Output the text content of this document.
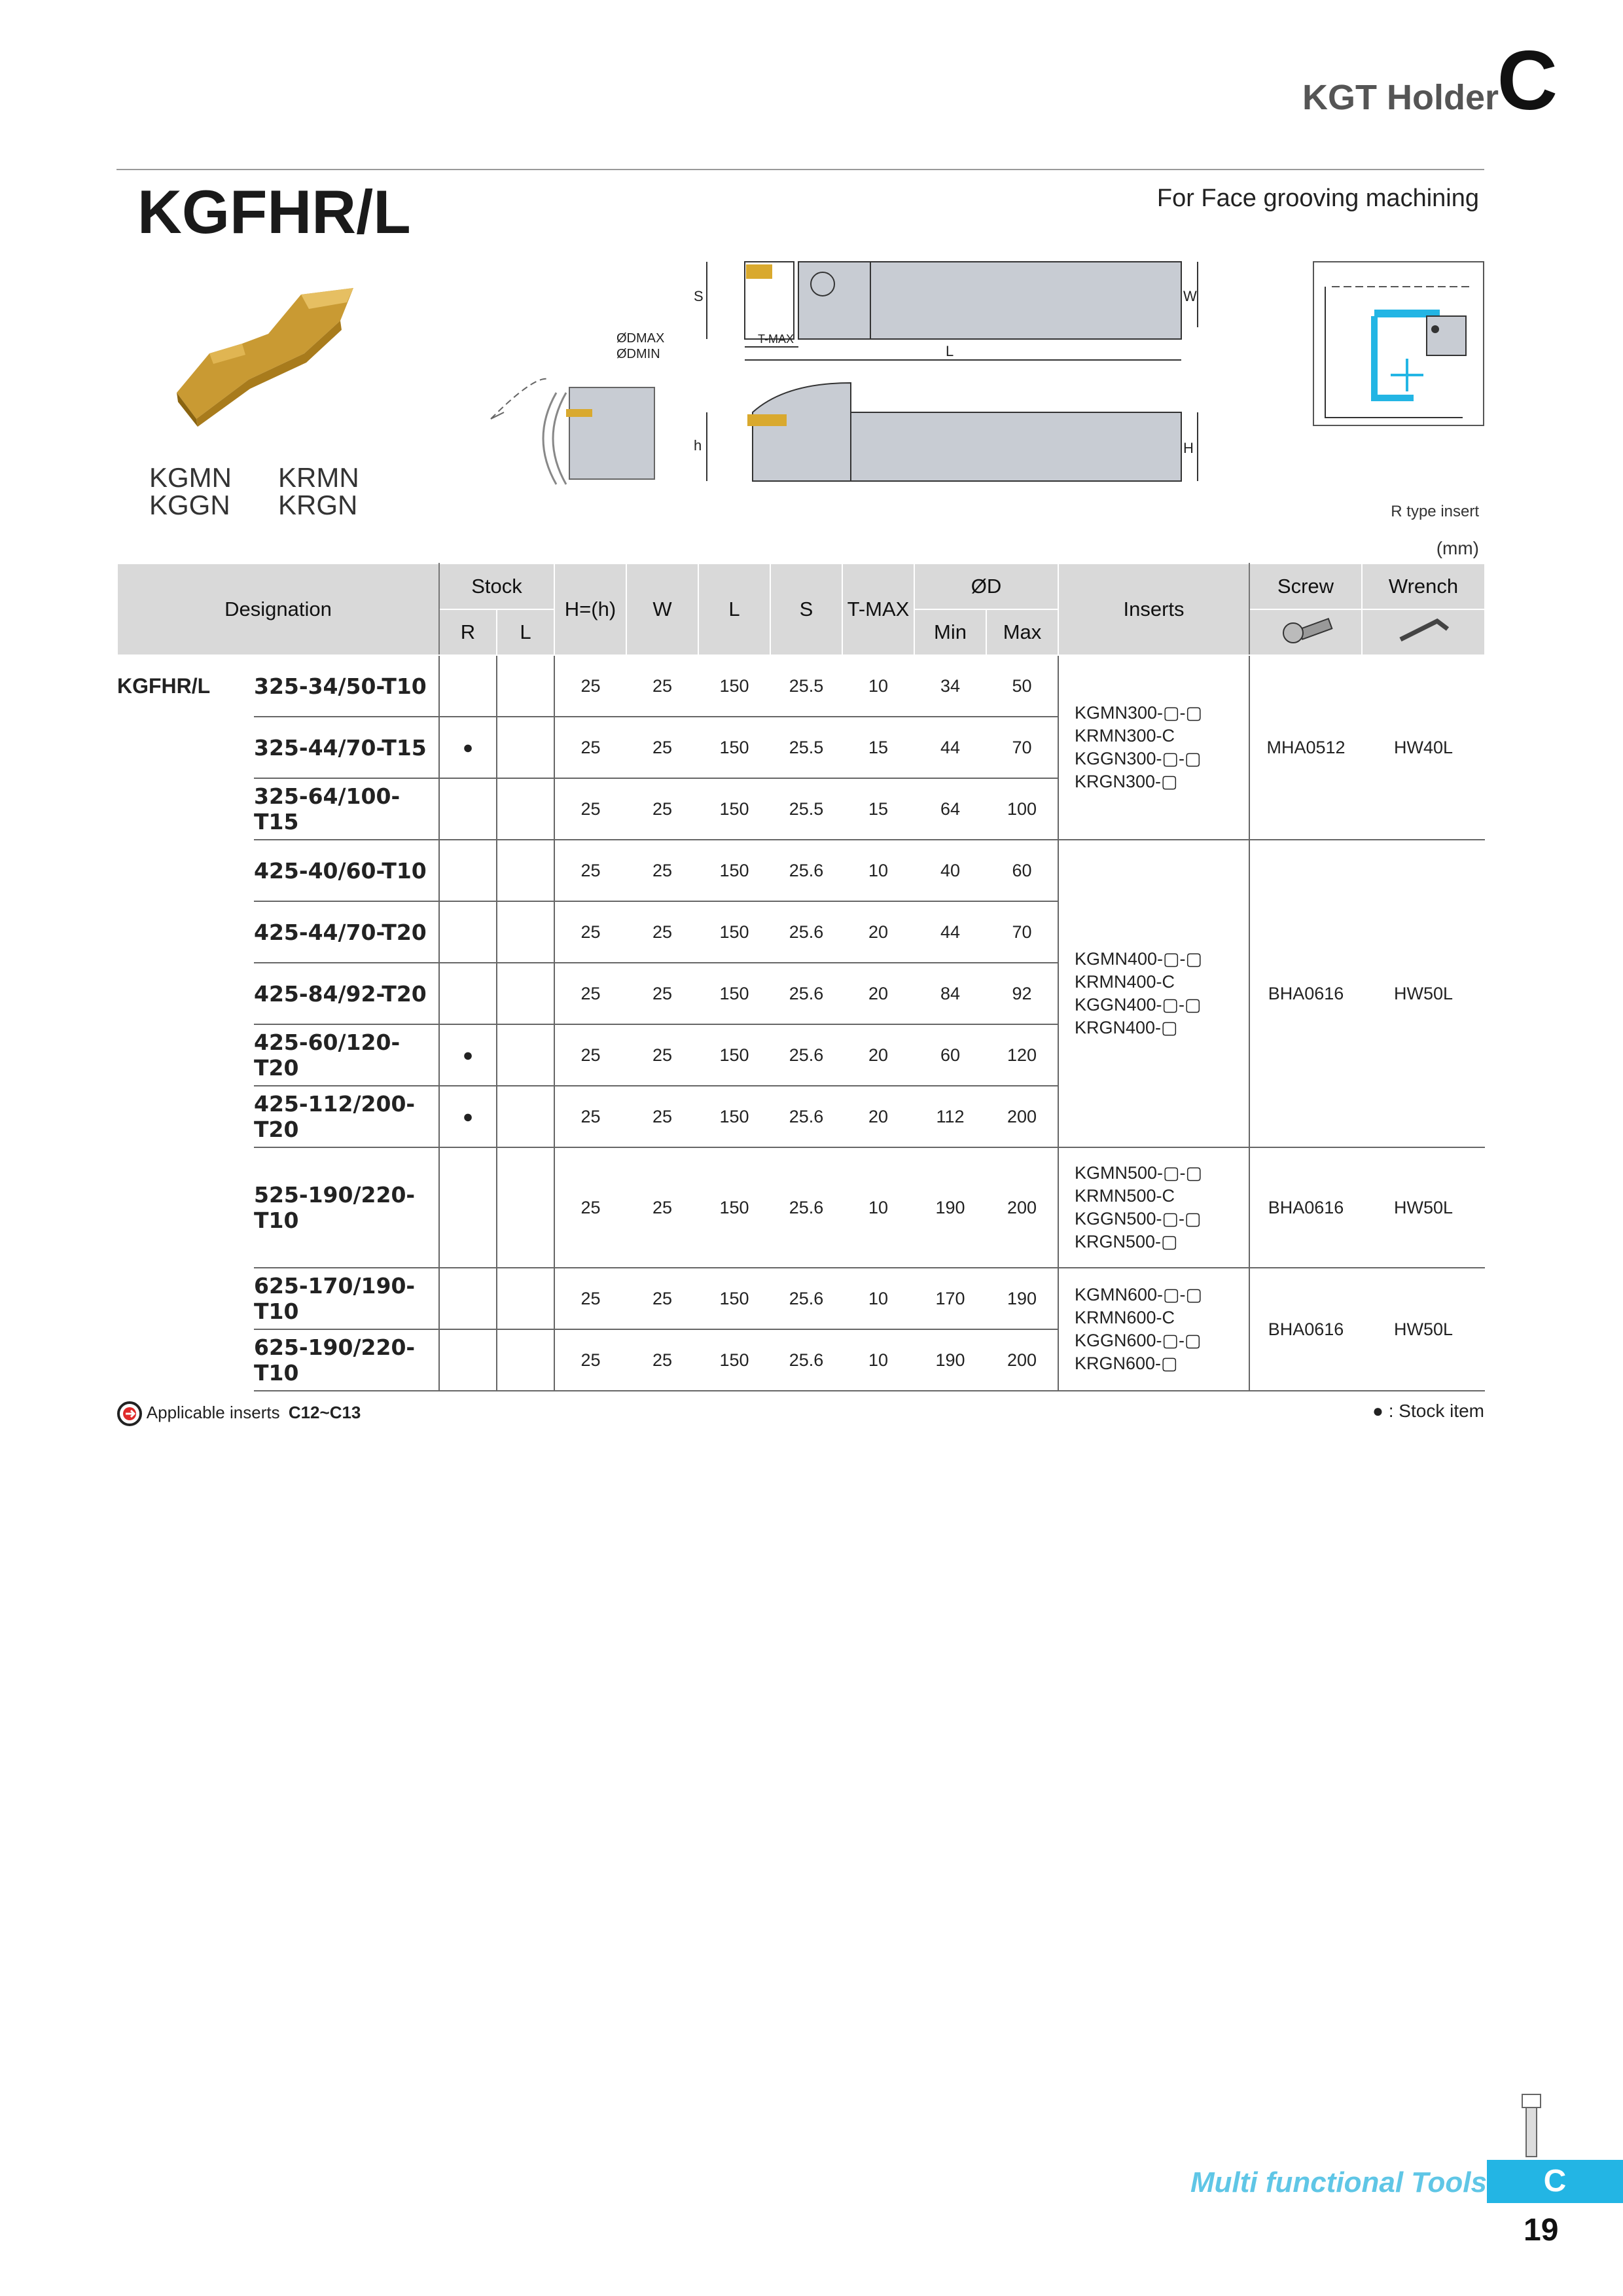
KGT Holder
C
KGFHR/L	For Face grooving machining
KGMN KRMN
KGGN KRGN
ØDMAX
ØDMIN
S	W
T-MAX
L
h	H
R type insert
(mm)
Designation		Stock		H=(h)	W	L	S	T-MAX	ØD		Inserts	Screw	Wrench
		R	L						Min	Max		
KGFHR/L	325-34/50-T10			25	25	150	25.5	10	34	50	KGMN300-▢-▢
KRMN300-C
KGGN300-▢-▢
KRGN300-▢	MHA0512	HW40L
	325-44/70-T15	●		25	25	150	25.5	15	44	70			
	325-64/100-T15			25	25	150	25.5	15	64	100			
	425-40/60-T10			25	25	150	25.6	10	40	60	KGMN400-▢-▢
KRMN400-C
KGGN400-▢-▢
KRGN400-▢	BHA0616	HW50L
	425-44/70-T20			25	25	150	25.6	20	44	70			
	425-84/92-T20			25	25	150	25.6	20	84	92			
	425-60/120-T20	●		25	25	150	25.6	20	60	120			
	425-112/200-T20	●		25	25	150	25.6	20	112	200			
	525-190/220-T10			25	25	150	25.6	10	190	200	KGMN500-▢-▢
KRMN500-C
KGGN500-▢-▢
KRGN500-▢	BHA0616	HW50L
	625-170/190-T10			25	25	150	25.6	10	170	190	KGMN600-▢-▢
KRMN600-C
KGGN600-▢-▢
KRGN600-▢	BHA0616	HW50L
	625-190/220-T10			25	25	150	25.6	10	190	200			
Applicable inserts C12~C13	● : Stock item
Multi functional Tools	C
19
